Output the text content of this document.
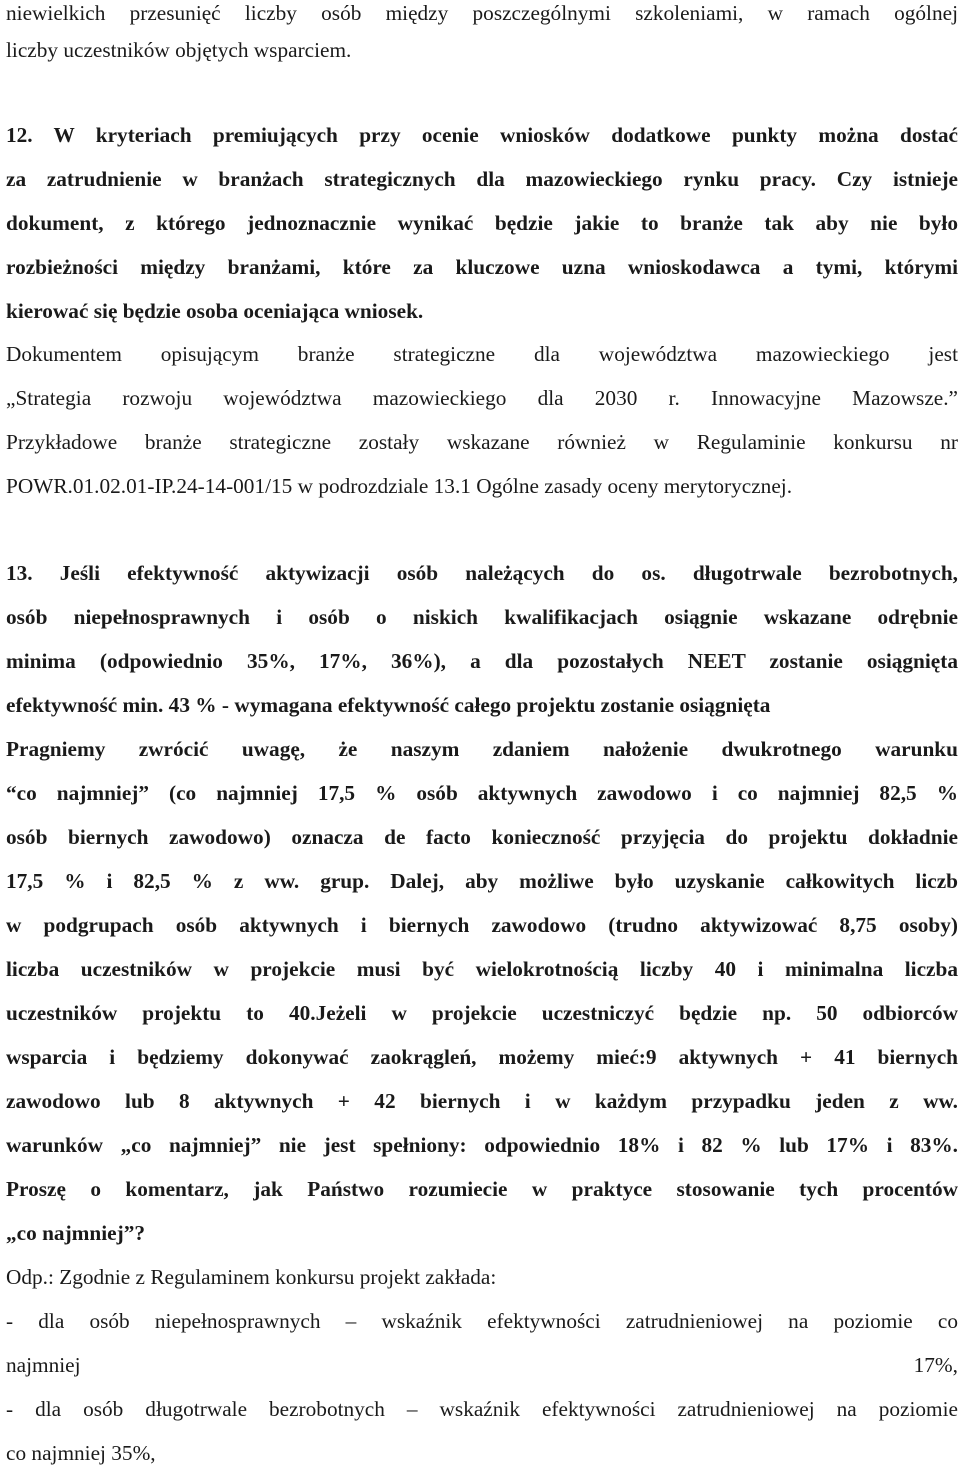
niewielkich przesunięć liczby osób między poszczególnymi szkoleniami, w ramach ogólnej
liczby uczestników objętych wsparciem.
12. W kryteriach premiujących przy ocenie wniosków dodatkowe punkty można dostać
za zatrudnienie w branżach strategicznych dla mazowieckiego rynku pracy. Czy istnieje
dokument, z którego jednoznacznie wynikać będzie jakie to branże tak aby nie było
rozbieżności między branżami, które za kluczowe uzna wnioskodawca a tymi, którymi
kierować się będzie osoba oceniająca wniosek.
Dokumentem opisującym branże strategiczne dla województwa mazowieckiego jest
„Strategia rozwoju województwa mazowieckiego dla 2030 r. Innowacyjne Mazowsze.”
Przykładowe branże strategiczne zostały wskazane również w Regulaminie konkursu nr
POWR.01.02.01-IP.24-14-001/15 w podrozdziale 13.1 Ogólne zasady oceny merytorycznej.
13. Jeśli efektywność aktywizacji osób należących do os. długotrwale bezrobotnych,
osób niepełnosprawnych i osób o niskich kwalifikacjach osiągnie wskazane odrębnie
minima (odpowiednio 35%, 17%, 36%), a dla pozostałych NEET zostanie osiągnięta
efektywność min. 43 % - wymagana efektywność całego projektu zostanie osiągnięta
Pragniemy zwrócić uwagę, że naszym zdaniem nałożenie dwukrotnego warunku
“co najmniej” (co najmniej 17,5 % osób aktywnych zawodowo i co najmniej 82,5 %
osób biernych zawodowo) oznacza de facto konieczność przyjęcia do projektu dokładnie
17,5 % i 82,5 % z ww. grup. Dalej, aby możliwe było uzyskanie całkowitych liczb
w podgrupach osób aktywnych i biernych zawodowo (trudno aktywizować 8,75 osoby)
liczba uczestników w projekcie musi być wielokrotnością liczby 40 i minimalna liczba
uczestników projektu to 40.Jeżeli w projekcie uczestniczyć będzie np. 50 odbiorców
wsparcia i będziemy dokonywać zaokrągleń, możemy mieć:9 aktywnych + 41 biernych
zawodowo lub 8 aktywnych + 42 biernych i w każdym przypadku jeden z ww.
warunków „co najmniej” nie jest spełniony: odpowiednio 18% i 82 % lub 17% i 83%.
Proszę o komentarz, jak Państwo rozumiecie w praktyce stosowanie tych procentów
„co najmniej”?
Odp.: Zgodnie z Regulaminem konkursu projekt zakłada:
- dla osób niepełnosprawnych – wskaźnik efektywności zatrudnieniowej na poziomie co
najmniej	17%,
- dla osób długotrwale bezrobotnych – wskaźnik efektywności zatrudnieniowej na poziomie
co najmniej 35%,
